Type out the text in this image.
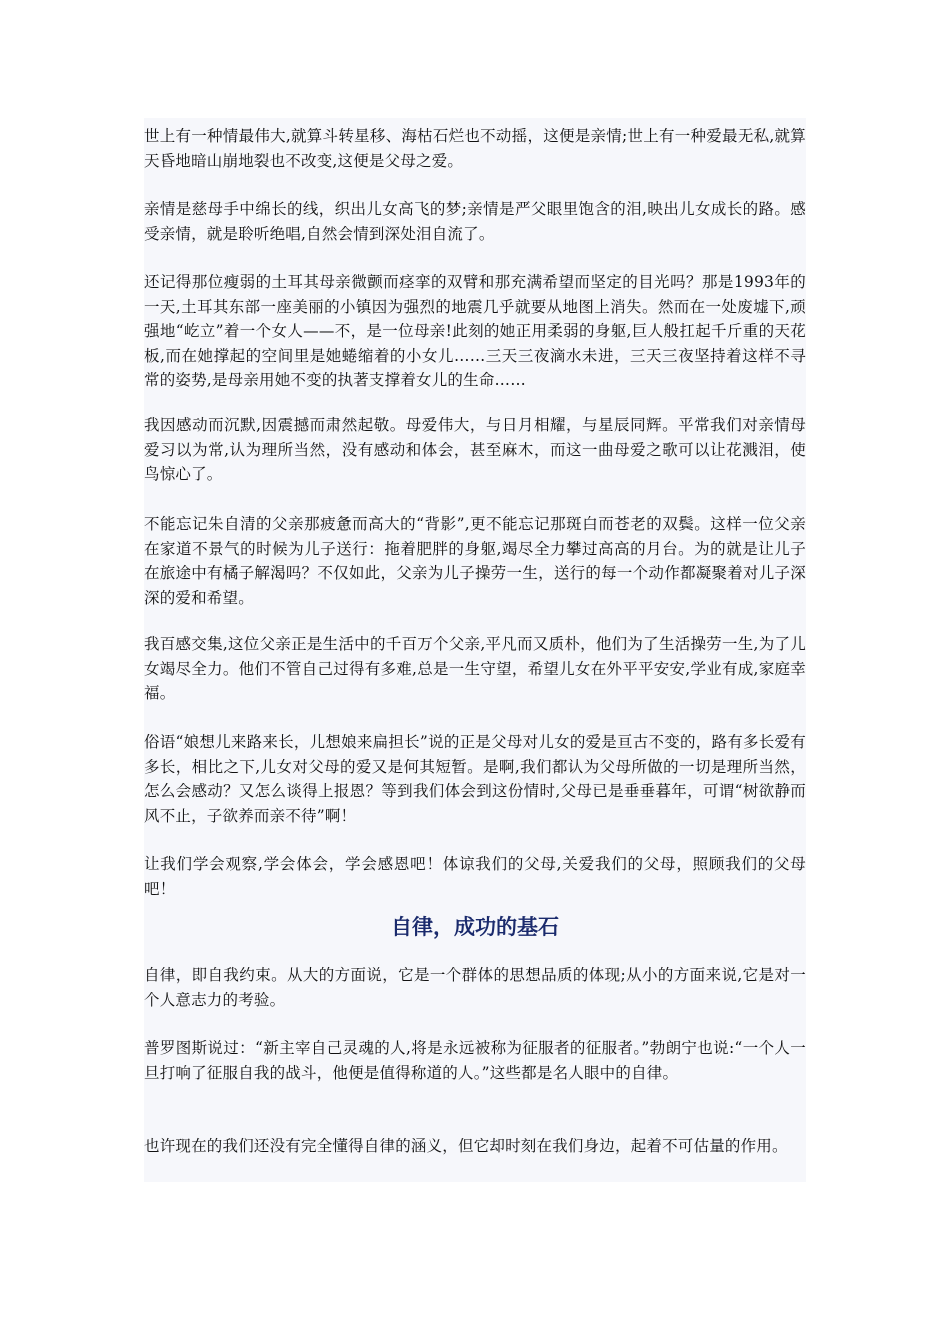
世上有一种情最伟大,就算斗转星移、海枯石烂也不动摇，这便是亲情;世上有一种爱最无私,就算天昏地暗山崩地裂也不改变,这便是父母之爱。

亲情是慈母手中绵长的线，织出儿女高飞的梦;亲情是严父眼里饱含的泪,映出儿女成长的路。感受亲情，就是聆听绝唱,自然会情到深处泪自流了。

还记得那位瘦弱的土耳其母亲微颤而痉挛的双臂和那充满希望而坚定的目光吗？那是1993年的一天,土耳其东部一座美丽的小镇因为强烈的地震几乎就要从地图上消失。然而在一处废墟下,顽强地“屹立”着一个女人——不，是一位母亲!此刻的她正用柔弱的身躯,巨人般扛起千斤重的天花板,而在她撑起的空间里是她蜷缩着的小女儿……三天三夜滴水未进，三天三夜坚持着这样不寻常的姿势,是母亲用她不变的执著支撑着女儿的生命……

我因感动而沉默,因震撼而肃然起敬。母爱伟大，与日月相耀，与星辰同辉。平常我们对亲情母爱习以为常,认为理所当然，没有感动和体会，甚至麻木，而这一曲母爱之歌可以让花溅泪，使鸟惊心了。

不能忘记朱自清的父亲那疲惫而高大的“背影”,更不能忘记那斑白而苍老的双鬓。这样一位父亲在家道不景气的时候为儿子送行：拖着肥胖的身躯,竭尽全力攀过高高的月台。为的就是让儿子在旅途中有橘子解渴吗？不仅如此，父亲为儿子操劳一生，送行的每一个动作都凝聚着对儿子深深的爱和希望。

我百感交集,这位父亲正是生活中的千百万个父亲,平凡而又质朴，他们为了生活操劳一生,为了儿女竭尽全力。他们不管自己过得有多难,总是一生守望，希望儿女在外平平安安,学业有成,家庭幸福。

俗语“娘想儿来路来长，儿想娘来扁担长”说的正是父母对儿女的爱是亘古不变的，路有多长爱有多长，相比之下,儿女对父母的爱又是何其短暂。是啊,我们都认为父母所做的一切是理所当然，怎么会感动？又怎么谈得上报恩？等到我们体会到这份情时,父母已是垂垂暮年，可谓“树欲静而风不止，子欲养而亲不待”啊！

让我们学会观察,学会体会，学会感恩吧！体谅我们的父母,关爱我们的父母，照顾我们的父母吧！

自律，成功的基石

自律，即自我约束。从大的方面说，它是一个群体的思想品质的体现;从小的方面来说,它是对一个人意志力的考验。

普罗图斯说过：“新主宰自己灵魂的人,将是永远被称为征服者的征服者。”勃朗宁也说:“一个人一旦打响了征服自我的战斗，他便是值得称道的人。”这些都是名人眼中的自律。

也许现在的我们还没有完全懂得自律的涵义，但它却时刻在我们身边，起着不可估量的作用。
